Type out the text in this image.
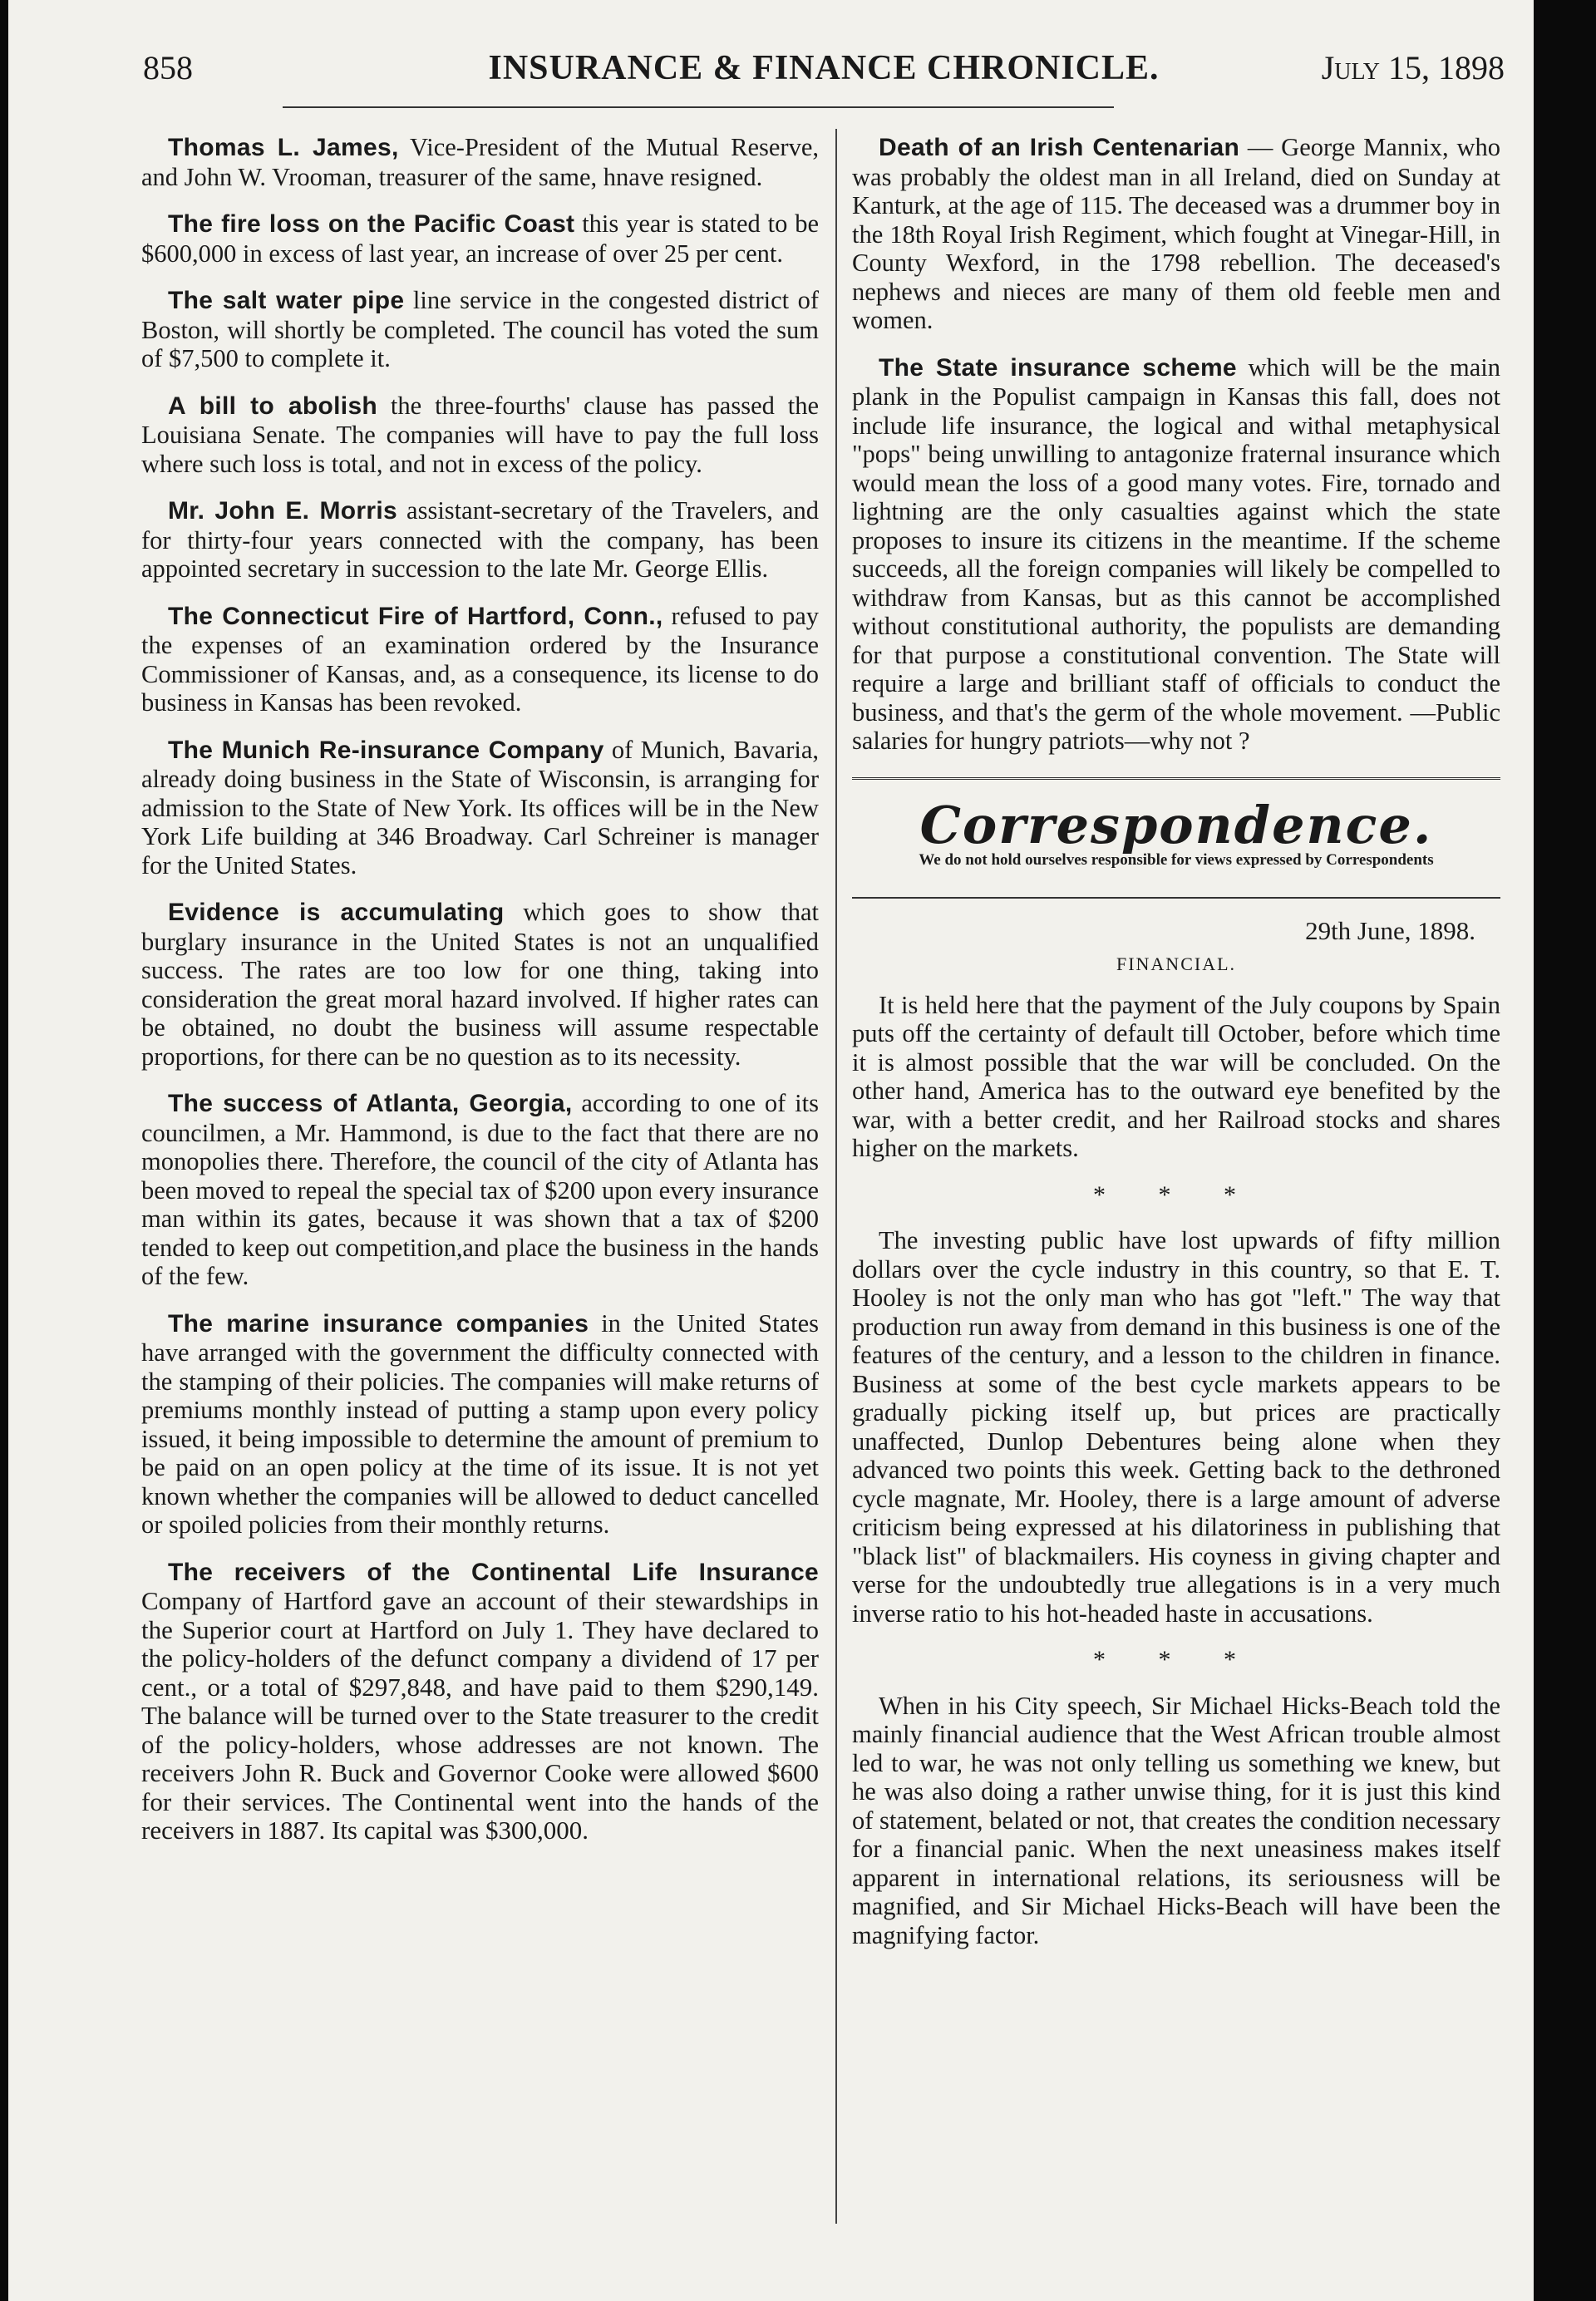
858	INSURANCE & FINANCE CHRONICLE.	July 15, 1898

Thomas L. James, Vice-President of the Mutual Reserve, and John W. Vrooman, treasurer of the same, hnave resigned.

The fire loss on the Pacific Coast this year is stated to be $600,000 in excess of last year, an increase of over 25 per cent.

The salt water pipe line service in the congested district of Boston, will shortly be completed. The council has voted the sum of $7,500 to complete it.

A bill to abolish the three-fourths' clause has passed the Louisiana Senate. The companies will have to pay the full loss where such loss is total, and not in excess of the policy.

Mr. John E. Morris assistant-secretary of the Travelers, and for thirty-four years connected with the company, has been appointed secretary in succession to the late Mr. George Ellis.

The Connecticut Fire of Hartford, Conn., refused to pay the expenses of an examination ordered by the Insurance Commissioner of Kansas, and, as a consequence, its license to do business in Kansas has been revoked.

The Munich Re-insurance Company of Munich, Bavaria, already doing business in the State of Wisconsin, is arranging for admission to the State of New York. Its offices will be in the New York Life building at 346 Broadway. Carl Schreiner is manager for the United States.

Evidence is accumulating which goes to show that burglary insurance in the United States is not an unqualified success. The rates are too low for one thing, taking into consideration the great moral hazard involved. If higher rates can be obtained, no doubt the business will assume respectable proportions, for there can be no question as to its necessity.

The success of Atlanta, Georgia, according to one of its councilmen, a Mr. Hammond, is due to the fact that there are no monopolies there. Therefore, the council of the city of Atlanta has been moved to repeal the special tax of $200 upon every insurance man within its gates, because it was shown that a tax of $200 tended to keep out competition,and place the business in the hands of the few.

The marine insurance companies in the United States have arranged with the government the difficulty connected with the stamping of their policies. The companies will make returns of premiums monthly instead of putting a stamp upon every policy issued, it being impossible to determine the amount of premium to be paid on an open policy at the time of its issue. It is not yet known whether the companies will be allowed to deduct cancelled or spoiled policies from their monthly returns.

The receivers of the Continental Life Insurance Company of Hartford gave an account of their stewardships in the Superior court at Hartford on July 1. They have declared to the policy-holders of the defunct company a dividend of 17 per cent., or a total of $297,848, and have paid to them $290,149. The balance will be turned over to the State treasurer to the credit of the policy-holders, whose addresses are not known. The receivers John R. Buck and Governor Cooke were allowed $600 for their services. The Continental went into the hands of the receivers in 1887. Its capital was $300,000.

Death of an Irish Centenarian — George Mannix, who was probably the oldest man in all Ireland, died on Sunday at Kanturk, at the age of 115. The deceased was a drummer boy in the 18th Royal Irish Regiment, which fought at Vinegar-Hill, in County Wexford, in the 1798 rebellion. The deceased's nephews and nieces are many of them old feeble men and women.

The State insurance scheme which will be the main plank in the Populist campaign in Kansas this fall, does not include life insurance, the logical and withal metaphysical "pops" being unwilling to antagonize fraternal insurance which would mean the loss of a good many votes. Fire, tornado and lightning are the only casualties against which the state proposes to insure its citizens in the meantime. If the scheme succeeds, all the foreign companies will likely be compelled to withdraw from Kansas, but as this cannot be accomplished without constitutional authority, the populists are demanding for that purpose a constitutional convention. The State will require a large and brilliant staff of officials to conduct the business, and that's the germ of the whole movement. —Public salaries for hungry patriots—why not ?

Correspondence.
We do not hold ourselves responsible for views expressed by Correspondents
29th June, 1898.
FINANCIAL.

It is held here that the payment of the July coupons by Spain puts off the certainty of default till October, before which time it is almost possible that the war will be concluded. On the other hand, America has to the outward eye benefited by the war, with a better credit, and her Railroad stocks and shares higher on the markets.

* * *

The investing public have lost upwards of fifty million dollars over the cycle industry in this country, so that E. T. Hooley is not the only man who has got "left." The way that production run away from demand in this business is one of the features of the century, and a lesson to the children in finance. Business at some of the best cycle markets appears to be gradually picking itself up, but prices are practically unaffected, Dunlop Debentures being alone when they advanced two points this week. Getting back to the dethroned cycle magnate, Mr. Hooley, there is a large amount of adverse criticism being expressed at his dilatoriness in publishing that "black list" of blackmailers. His coyness in giving chapter and verse for the undoubtedly true allegations is in a very much inverse ratio to his hot-headed haste in accusations.

* * *

When in his City speech, Sir Michael Hicks-Beach told the mainly financial audience that the West African trouble almost led to war, he was not only telling us something we knew, but he was also doing a rather unwise thing, for it is just this kind of statement, belated or not, that creates the condition necessary for a financial panic. When the next uneasiness makes itself apparent in international relations, its seriousness will be magnified, and Sir Michael Hicks-Beach will have been the magnifying factor.
